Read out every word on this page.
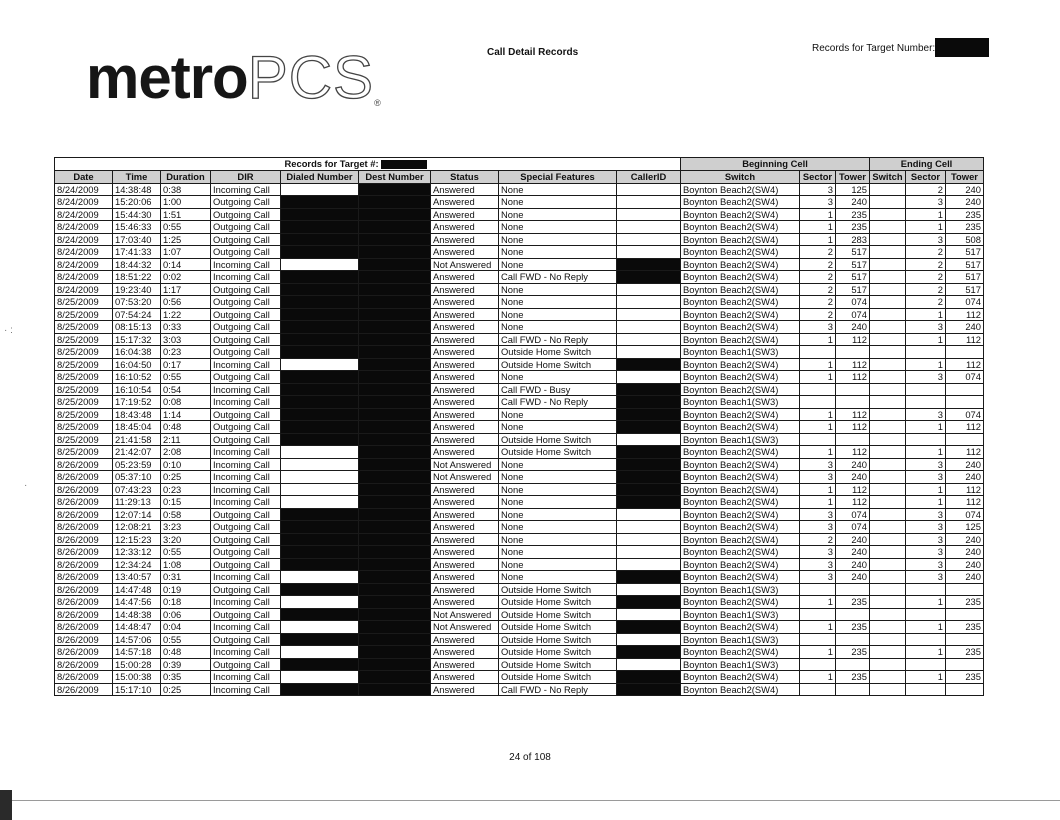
metroPCS®
Call Detail Records	Records for Target Number:
· :
·
				Records for Target #:					Beginning Cell			Ending Cell		
Date	Time	Duration	DIR	Dialed Number	Dest Number	Status	Special Features	CallerID	Switch	Sector	Tower	Switch	Sector	Tower
8/24/2009	14:38:48	0:38	Incoming Call			Answered	None		Boynton Beach2(SW4)	3	125		2	240
8/24/2009	15:20:06	1:00	Outgoing Call			Answered	None		Boynton Beach2(SW4)	3	240		3	240
8/24/2009	15:44:30	1:51	Outgoing Call			Answered	None		Boynton Beach2(SW4)	1	235		1	235
8/24/2009	15:46:33	0:55	Outgoing Call			Answered	None		Boynton Beach2(SW4)	1	235		1	235
8/24/2009	17:03:40	1:25	Outgoing Call			Answered	None		Boynton Beach2(SW4)	1	283		3	508
8/24/2009	17:41:33	1:07	Outgoing Call			Answered	None		Boynton Beach2(SW4)	2	517		2	517
8/24/2009	18:44:32	0:14	Incoming Call			Not Answered	None		Boynton Beach2(SW4)	2	517		2	517
8/24/2009	18:51:22	0:02	Incoming Call			Answered	Call FWD - No Reply		Boynton Beach2(SW4)	2	517		2	517
8/24/2009	19:23:40	1:17	Outgoing Call			Answered	None		Boynton Beach2(SW4)	2	517		2	517
8/25/2009	07:53:20	0:56	Outgoing Call			Answered	None		Boynton Beach2(SW4)	2	074		2	074
8/25/2009	07:54:24	1:22	Outgoing Call			Answered	None		Boynton Beach2(SW4)	2	074		1	112
8/25/2009	08:15:13	0:33	Outgoing Call			Answered	None		Boynton Beach2(SW4)	3	240		3	240
8/25/2009	15:17:32	3:03	Outgoing Call			Answered	Call FWD - No Reply		Boynton Beach2(SW4)	1	112		1	112
8/25/2009	16:04:38	0:23	Outgoing Call			Answered	Outside Home Switch		Boynton Beach1(SW3)					
8/25/2009	16:04:50	0:17	Incoming Call			Answered	Outside Home Switch		Boynton Beach2(SW4)	1	112		1	112
8/25/2009	16:10:52	0:55	Outgoing Call			Answered	None		Boynton Beach2(SW4)	1	112		3	074
8/25/2009	16:10:54	0:54	Incoming Call			Answered	Call FWD - Busy		Boynton Beach2(SW4)					
8/25/2009	17:19:52	0:08	Incoming Call			Answered	Call FWD - No Reply		Boynton Beach1(SW3)					
8/25/2009	18:43:48	1:14	Outgoing Call			Answered	None		Boynton Beach2(SW4)	1	112		3	074
8/25/2009	18:45:04	0:48	Outgoing Call			Answered	None		Boynton Beach2(SW4)	1	112		1	112
8/25/2009	21:41:58	2:11	Outgoing Call			Answered	Outside Home Switch		Boynton Beach1(SW3)					
8/25/2009	21:42:07	2:08	Incoming Call			Answered	Outside Home Switch		Boynton Beach2(SW4)	1	112		1	112
8/26/2009	05:23:59	0:10	Incoming Call			Not Answered	None		Boynton Beach2(SW4)	3	240		3	240
8/26/2009	05:37:10	0:25	Incoming Call			Not Answered	None		Boynton Beach2(SW4)	3	240		3	240
8/26/2009	07:43:23	0:23	Incoming Call			Answered	None		Boynton Beach2(SW4)	1	112		1	112
8/26/2009	11:29:13	0:15	Incoming Call			Answered	None		Boynton Beach2(SW4)	1	112		1	112
8/26/2009	12:07:14	0:58	Outgoing Call			Answered	None		Boynton Beach2(SW4)	3	074		3	074
8/26/2009	12:08:21	3:23	Outgoing Call			Answered	None		Boynton Beach2(SW4)	3	074		3	125
8/26/2009	12:15:23	3:20	Outgoing Call			Answered	None		Boynton Beach2(SW4)	2	240		3	240
8/26/2009	12:33:12	0:55	Outgoing Call			Answered	None		Boynton Beach2(SW4)	3	240		3	240
8/26/2009	12:34:24	1:08	Outgoing Call			Answered	None		Boynton Beach2(SW4)	3	240		3	240
8/26/2009	13:40:57	0:31	Incoming Call			Answered	None		Boynton Beach2(SW4)	3	240		3	240
8/26/2009	14:47:48	0:19	Outgoing Call			Answered	Outside Home Switch		Boynton Beach1(SW3)					
8/26/2009	14:47:56	0:18	Incoming Call			Answered	Outside Home Switch		Boynton Beach2(SW4)	1	235		1	235
8/26/2009	14:48:38	0:06	Outgoing Call			Not Answered	Outside Home Switch		Boynton Beach1(SW3)					
8/26/2009	14:48:47	0:04	Incoming Call			Not Answered	Outside Home Switch		Boynton Beach2(SW4)	1	235		1	235
8/26/2009	14:57:06	0:55	Outgoing Call			Answered	Outside Home Switch		Boynton Beach1(SW3)					
8/26/2009	14:57:18	0:48	Incoming Call			Answered	Outside Home Switch		Boynton Beach2(SW4)	1	235		1	235
8/26/2009	15:00:28	0:39	Outgoing Call			Answered	Outside Home Switch		Boynton Beach1(SW3)					
8/26/2009	15:00:38	0:35	Incoming Call			Answered	Outside Home Switch		Boynton Beach2(SW4)	1	235		1	235
8/26/2009	15:17:10	0:25	Incoming Call			Answered	Call FWD - No Reply		Boynton Beach2(SW4)					
24 of 108
